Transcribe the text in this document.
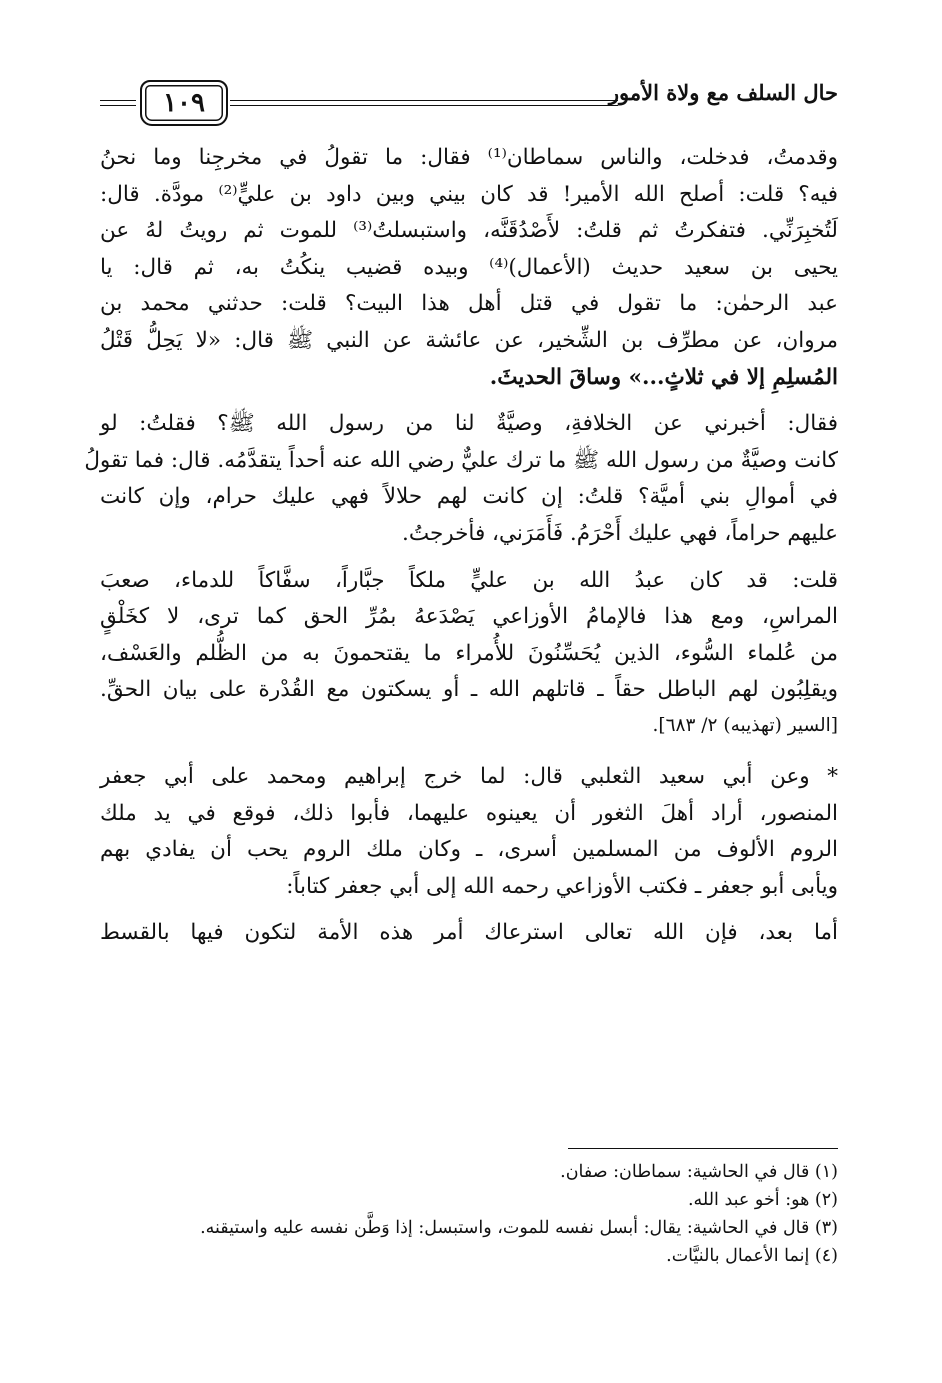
حال السلف مع ولاة الأمور
١٠٩
وقدمتُ، فدخلت، والناس سماطان⁽¹⁾ فقال: ما تقولُ في مخرجِنا وما نحنُ
فيه؟ قلت: أصلح الله الأمير! قد كان بيني وبين داود بن عليٍّ⁽²⁾ مودَّة. قال:
لَتُخبِرَنِّي. فتفكرتُ ثم قلتُ: لأَصْدُقَنَّه، واستبسلتُ⁽³⁾ للموت ثم رويتُ لهُ عن
يحيى بن سعيد حديث (الأعمال)⁽⁴⁾ وبيده قضيب ينكُتُ به، ثم قال: يا
عبد الرحمٰن: ما تقول في قتل أهل هذا البيت؟ قلت: حدثني محمد بن
مروان، عن مطرِّف بن الشِّخير، عن عائشة عن النبي ﷺ قال: «لا يَحِلُّ قَتْلُ
المُسلِمِ إلا في ثلاثٍ...» وساقَ الحديثَ.
فقال: أخبرني عن الخلافةِ، وصيَّةٌ لنا من رسول الله ﷺ؟ فقلتُ: لو
كانت وصيَّةٌ من رسول الله ﷺ ما ترك عليٌّ رضي الله عنه أحداً يتقدَّمُه. قال: فما تقولُ
في أموالِ بني أميَّة؟ قلتُ: إن كانت لهم حلالاً فهي عليك حرام، وإن كانت
عليهم حراماً، فهي عليك أَحْرَمُ. فَأَمَرَني، فأخرجتُ.
قلت: قد كان عبدُ الله بن عليٍّ ملكاً جبَّاراً، سفَّاكاً للدماء، صعبَ
المراسِ، ومع هذا فالإمامُ الأوزاعي يَصْدَعهُ بمُرِّ الحق كما ترى، لا كخَلْقٍ
من عُلماء السُّوء، الذين يُحَسِّنُونَ للأُمراء ما يقتحمونَ به من الظُّلم والعَسْف،
ويقلِبُون لهم الباطل حقاً ـ قاتلهم الله ـ أو يسكتون مع القُدْرة على بيان الحقِّ.
[السير (تهذيبه) ٢/ ٦٨٣].
* وعن أبي سعيد الثعلبي قال: لما خرج إبراهيم ومحمد على أبي جعفر
المنصور، أراد أهلَ الثغور أن يعينوه عليهما، فأبوا ذلك، فوقع في يد ملك
الروم الألوف من المسلمين أسرى، ـ وكان ملك الروم يحب أن يفادي بهم
ويأبى أبو جعفر ـ فكتب الأوزاعي رحمه الله إلى أبي جعفر كتاباً:
أما بعد، فإن الله تعالى استرعاك أمر هذه الأمة لتكون فيها بالقسط
(١) قال في الحاشية: سماطان: صفان.
(٢) هو: أخو عبد الله.
(٣) قال في الحاشية: يقال: أبسل نفسه للموت، واستبسل: إذا وَطَّن نفسه عليه واستيقنه.
(٤) إنما الأعمال بالنيَّات.
